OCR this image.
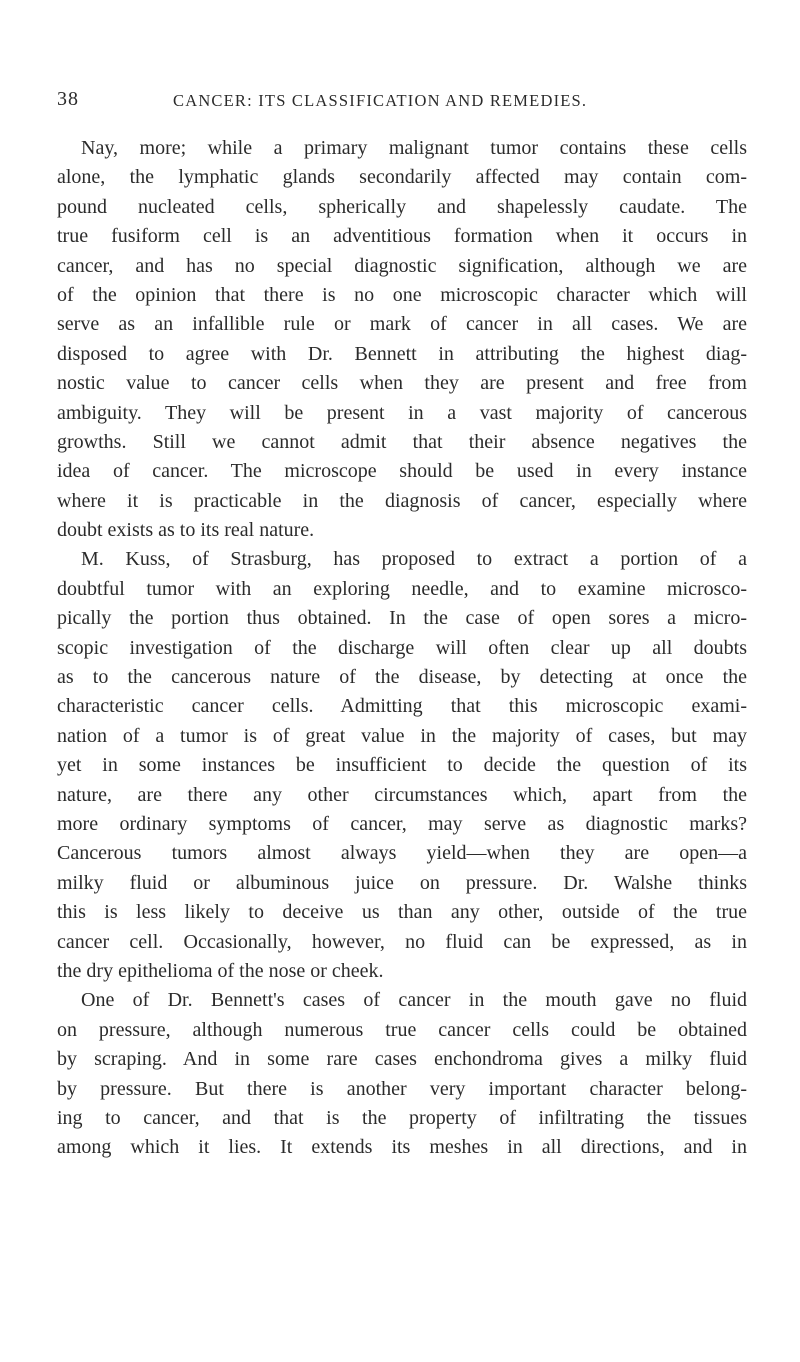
38	CANCER: ITS CLASSIFICATION AND REMEDIES.
Nay, more; while a primary malignant tumor contains these cells
alone, the lymphatic glands secondarily affected may contain com-
pound nucleated cells, spherically and shapelessly caudate. The
true fusiform cell is an adventitious formation when it occurs in
cancer, and has no special diagnostic signification, although we are
of the opinion that there is no one microscopic character which will
serve as an infallible rule or mark of cancer in all cases. We are
disposed to agree with Dr. Bennett in attributing the highest diag-
nostic value to cancer cells when they are present and free from
ambiguity. They will be present in a vast majority of cancerous
growths. Still we cannot admit that their absence negatives the
idea of cancer. The microscope should be used in every instance
where it is practicable in the diagnosis of cancer, especially where
doubt exists as to its real nature.
M. Kuss, of Strasburg, has proposed to extract a portion of a
doubtful tumor with an exploring needle, and to examine microsco-
pically the portion thus obtained. In the case of open sores a micro-
scopic investigation of the discharge will often clear up all doubts
as to the cancerous nature of the disease, by detecting at once the
characteristic cancer cells. Admitting that this microscopic exami-
nation of a tumor is of great value in the majority of cases, but may
yet in some instances be insufficient to decide the question of its
nature, are there any other circumstances which, apart from the
more ordinary symptoms of cancer, may serve as diagnostic marks?
Cancerous tumors almost always yield—when they are open—a
milky fluid or albuminous juice on pressure. Dr. Walshe thinks
this is less likely to deceive us than any other, outside of the true
cancer cell. Occasionally, however, no fluid can be expressed, as in
the dry epithelioma of the nose or cheek.
One of Dr. Bennett's cases of cancer in the mouth gave no fluid
on pressure, although numerous true cancer cells could be obtained
by scraping. And in some rare cases enchondroma gives a milky fluid
by pressure. But there is another very important character belong-
ing to cancer, and that is the property of infiltrating the tissues
among which it lies. It extends its meshes in all directions, and in
